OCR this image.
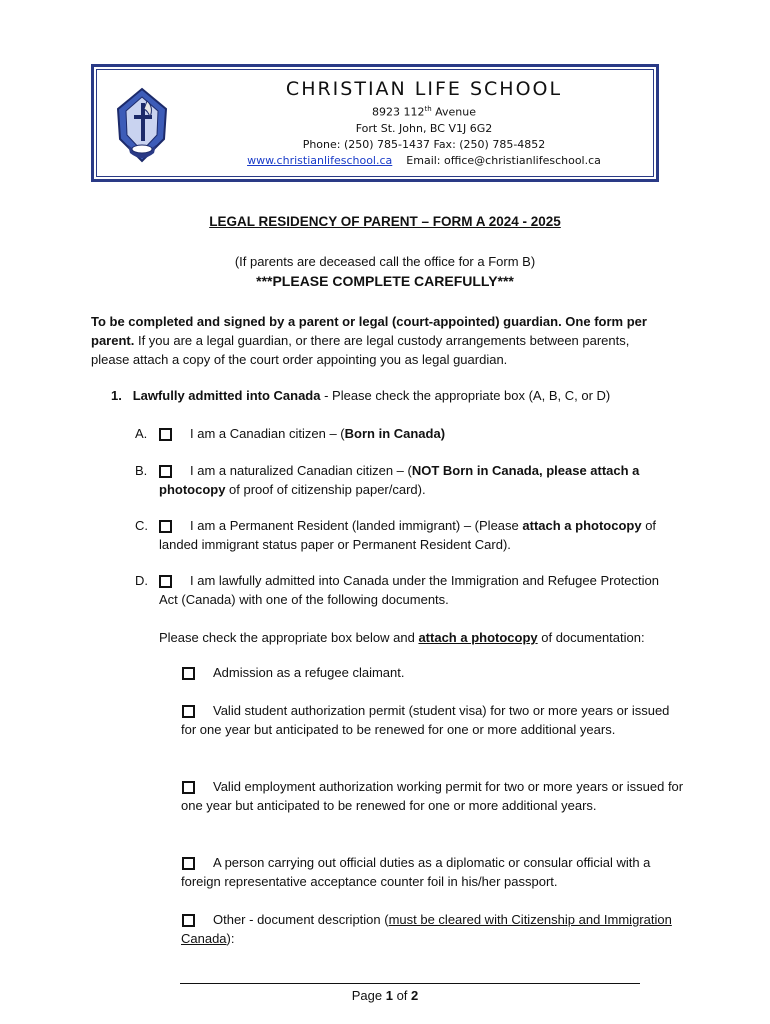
CHRISTIAN LIFE SCHOOL
8923 112th Avenue
Fort St. John, BC V1J 6G2
Phone: (250) 785-1437 Fax: (250) 785-4852
www.christianlifeschool.ca Email: office@christianlifeschool.ca
LEGAL RESIDENCY OF PARENT – FORM A 2024 - 2025
(If parents are deceased call the office for a Form B)
***PLEASE COMPLETE CAREFULLY***
To be completed and signed by a parent or legal (court-appointed) guardian. One form per parent. If you are a legal guardian, or there are legal custody arrangements between parents, please attach a copy of the court order appointing you as legal guardian.
1. Lawfully admitted into Canada - Please check the appropriate box (A, B, C, or D)
A.	I am a Canadian citizen – (Born in Canada)
B.	I am a naturalized Canadian citizen – (NOT Born in Canada, please attach a photocopy of proof of citizenship paper/card).
C.	I am a Permanent Resident (landed immigrant) – (Please attach a photocopy of landed immigrant status paper or Permanent Resident Card).
D.	I am lawfully admitted into Canada under the Immigration and Refugee Protection Act (Canada) with one of the following documents.
Please check the appropriate box below and attach a photocopy of documentation:
Admission as a refugee claimant.
Valid student authorization permit (student visa) for two or more years or issued for one year but anticipated to be renewed for one or more additional years.
Valid employment authorization working permit for two or more years or issued for one year but anticipated to be renewed for one or more additional years.
A person carrying out official duties as a diplomatic or consular official with a foreign representative acceptance counter foil in his/her passport.
Other - document description (must be cleared with Citizenship and Immigration Canada):
Page 1 of 2
